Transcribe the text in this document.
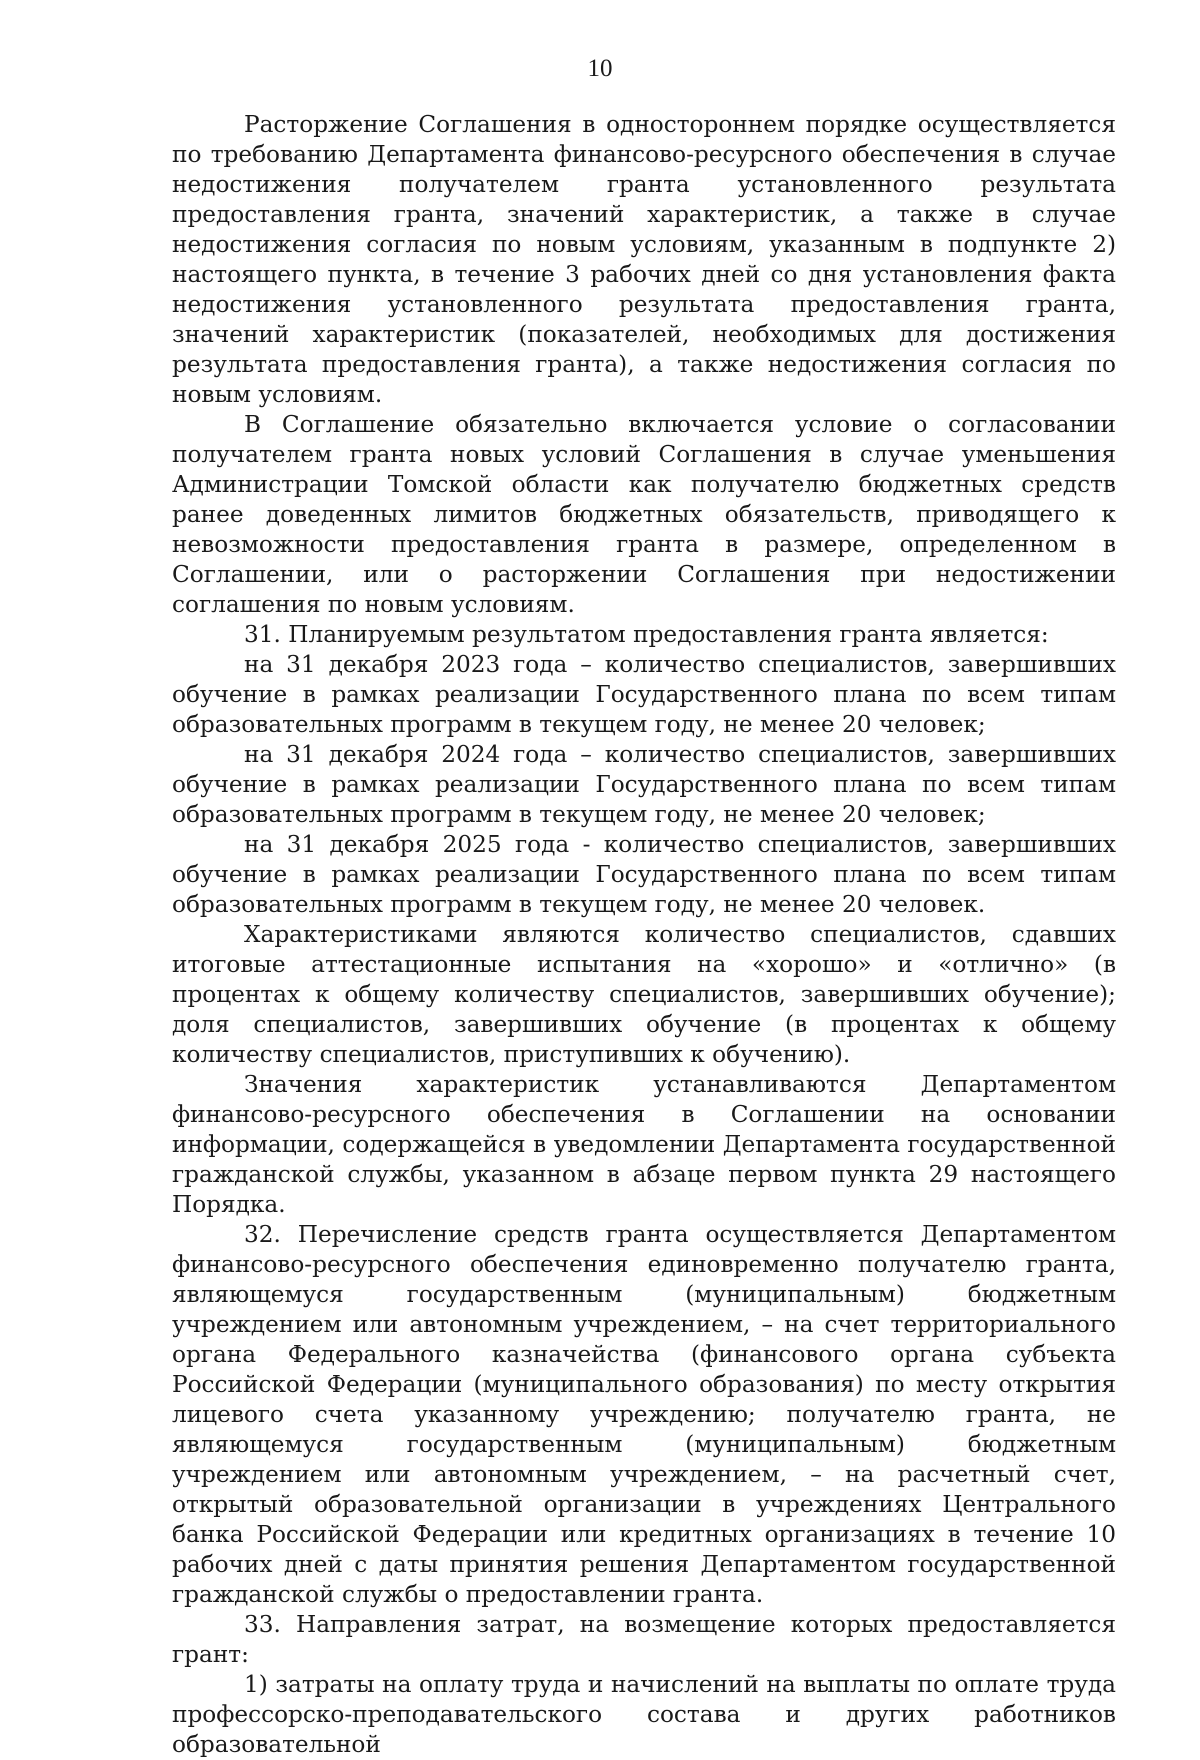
10

Расторжение Соглашения в одностороннем порядке осуществляется по требованию Департамента финансово-ресурсного обеспечения в случае недостижения получателем гранта установленного результата предоставления гранта, значений характеристик, а также в случае недостижения согласия по новым условиям, указанным в подпункте 2) настоящего пункта, в течение 3 рабочих дней со дня установления факта недостижения установленного результата предоставления гранта, значений характеристик (показателей, необходимых для достижения результата предоставления гранта), а также недостижения согласия по новым условиям.

В Соглашение обязательно включается условие о согласовании получателем гранта новых условий Соглашения в случае уменьшения Администрации Томской области как получателю бюджетных средств ранее доведенных лимитов бюджетных обязательств, приводящего к невозможности предоставления гранта в размере, определенном в Соглашении, или о расторжении Соглашения при недостижении соглашения по новым условиям.

31. Планируемым результатом предоставления гранта является:

на 31 декабря 2023 года – количество специалистов, завершивших обучение в рамках реализации Государственного плана по всем типам образовательных программ в текущем году, не менее 20 человек;

на 31 декабря 2024 года – количество специалистов, завершивших обучение в рамках реализации Государственного плана по всем типам образовательных программ в текущем году, не менее 20 человек;

на 31 декабря 2025 года - количество специалистов, завершивших обучение в рамках реализации Государственного плана по всем типам образовательных программ в текущем году, не менее 20 человек.

Характеристиками являются количество специалистов, сдавших итоговые аттестационные испытания на «хорошо» и «отлично» (в процентах к общему количеству специалистов, завершивших обучение); доля специалистов, завершивших обучение (в процентах к общему количеству специалистов, приступивших к обучению).

Значения характеристик устанавливаются Департаментом финансово-ресурсного обеспечения в Соглашении на основании информации, содержащейся в уведомлении Департамента государственной гражданской службы, указанном в абзаце первом пункта 29 настоящего Порядка.

32. Перечисление средств гранта осуществляется Департаментом финансово-ресурсного обеспечения единовременно получателю гранта, являющемуся государственным (муниципальным) бюджетным учреждением или автономным учреждением, – на счет территориального органа Федерального казначейства (финансового органа субъекта Российской Федерации (муниципального образования) по месту открытия лицевого счета указанному учреждению; получателю гранта, не являющемуся государственным (муниципальным) бюджетным учреждением или автономным учреждением, – на расчетный счет, открытый образовательной организации в учреждениях Центрального банка Российской Федерации или кредитных организациях в течение 10 рабочих дней с даты принятия решения Департаментом государственной гражданской службы о предоставлении гранта.

33. Направления затрат, на возмещение которых предоставляется грант:

1) затраты на оплату труда и начислений на выплаты по оплате труда профессорско-преподавательского состава и других работников образовательной
